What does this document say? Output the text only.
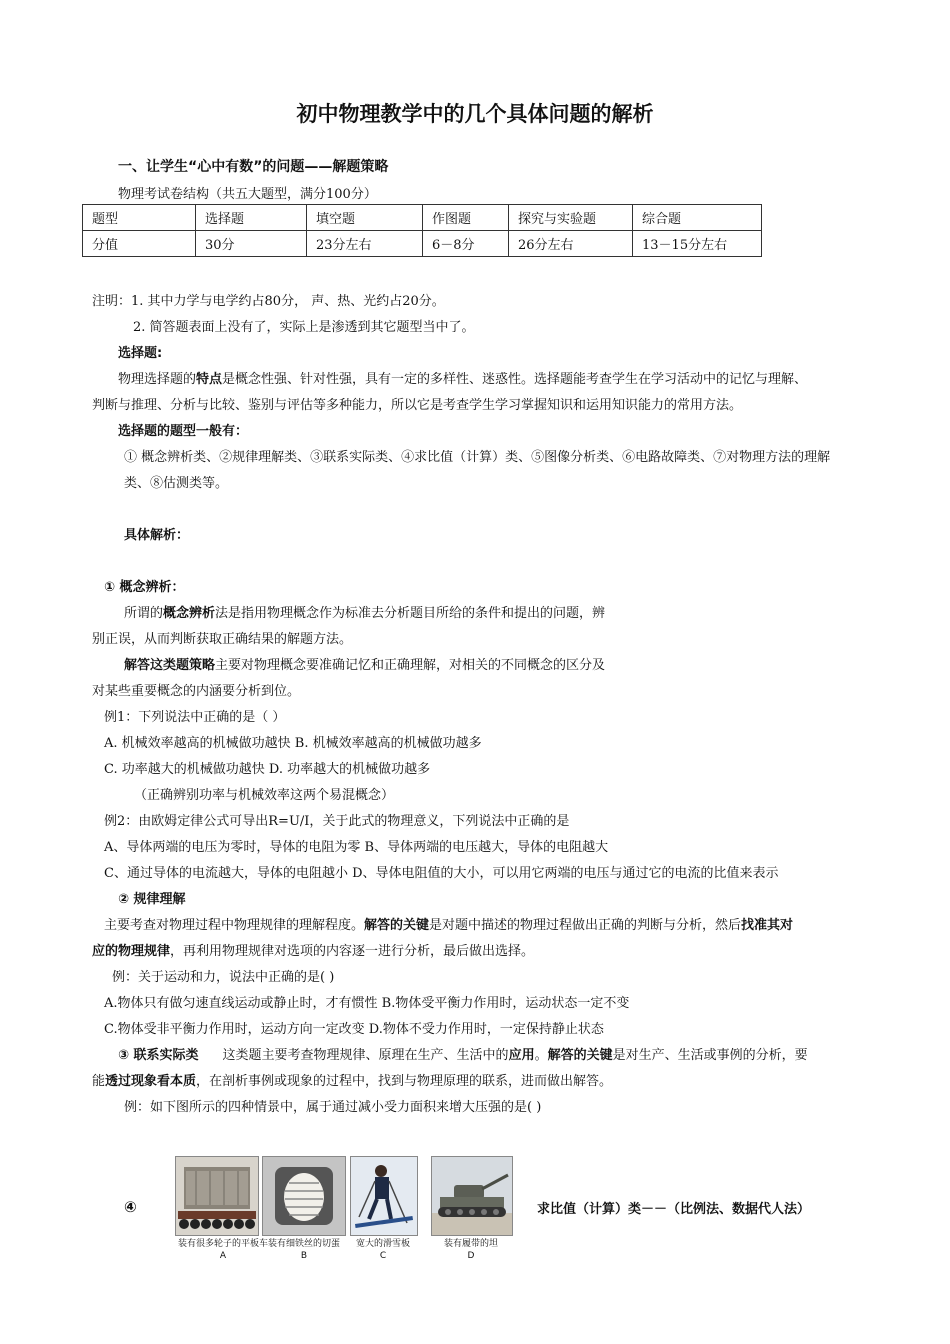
初中物理教学中的几个具体问题的解析
一、让学生“心中有数”的问题——解题策略
物理考试卷结构（共五大题型，满分100分）
题型	选择题	填空题	作图题	探究与实验题	综合题
分值	30分	23分左右	6－8分	26分左右	13－15分左右
注明：1. 其中力学与电学约占80分， 声、热、光约占20分。
2. 简答题表面上没有了，实际上是渗透到其它题型当中了。
选择题:
物理选择题的特点是概念性强、针对性强，具有一定的多样性、迷惑性。选择题能考查学生在学习活动中的记忆与理解、
判断与推理、分析与比较、鉴别与评估等多种能力，所以它是考查学生学习掌握知识和运用知识能力的常用方法。
选择题的题型一般有：
① 概念辨析类、②规律理解类、③联系实际类、④求比值（计算）类、⑤图像分析类、⑥电路故障类、⑦对物理方法的理解
类、⑧估测类等。
具体解析：
① 概念辨析：
所谓的概念辨析法是指用物理概念作为标准去分析题目所给的条件和提出的问题，辨
别正误，从而判断获取正确结果的解题方法。
解答这类题策略主要对物理概念要准确记忆和正确理解，对相关的不同概念的区分及
对某些重要概念的内涵要分析到位。
例1：下列说法中正确的是（ ）
A. 机械效率越高的机械做功越快 B. 机械效率越高的机械做功越多
C. 功率越大的机械做功越快 D. 功率越大的机械做功越多
（正确辨别功率与机械效率这两个易混概念）
例2：由欧姆定律公式可导出R=U/I，关于此式的物理意义，下列说法中正确的是
A、导体两端的电压为零时，导体的电阻为零 B、导体两端的电压越大，导体的电阻越大
C、通过导体的电流越大，导体的电阻越小 D、导体电阻值的大小，可以用它两端的电压与通过它的电流的比值来表示
② 规律理解
主要考查对物理过程中物理规律的理解程度。解答的关键是对题中描述的物理过程做出正确的判断与分析，然后找准其对
应的物理规律，再利用物理规律对选项的内容逐一进行分析，最后做出选择。
例：关于运动和力，说法中正确的是( )
A.物体只有做匀速直线运动或静止时，才有惯性 B.物体受平衡力作用时，运动状态一定不变
C.物体受非平衡力作用时，运动方向一定改变 D.物体不受力作用时，一定保持静止状态
③ 联系实际类 这类题主要考查物理规律、原理在生产、生活中的应用。解答的关键是对生产、生活或事例的分析，要
能透过现象看本质，在剖析事例或现象的过程中，找到与物理原理的联系，进而做出解答。
例：如下图所示的四种情景中，属于通过减小受力面积来增大压强的是( )
④
装有很多轮子的平板车
A
装有细铁丝的切蛋
B
宽大的滑雪板
C
装有履带的坦
D
求比值（计算）类－－（比例法、数据代人法）
